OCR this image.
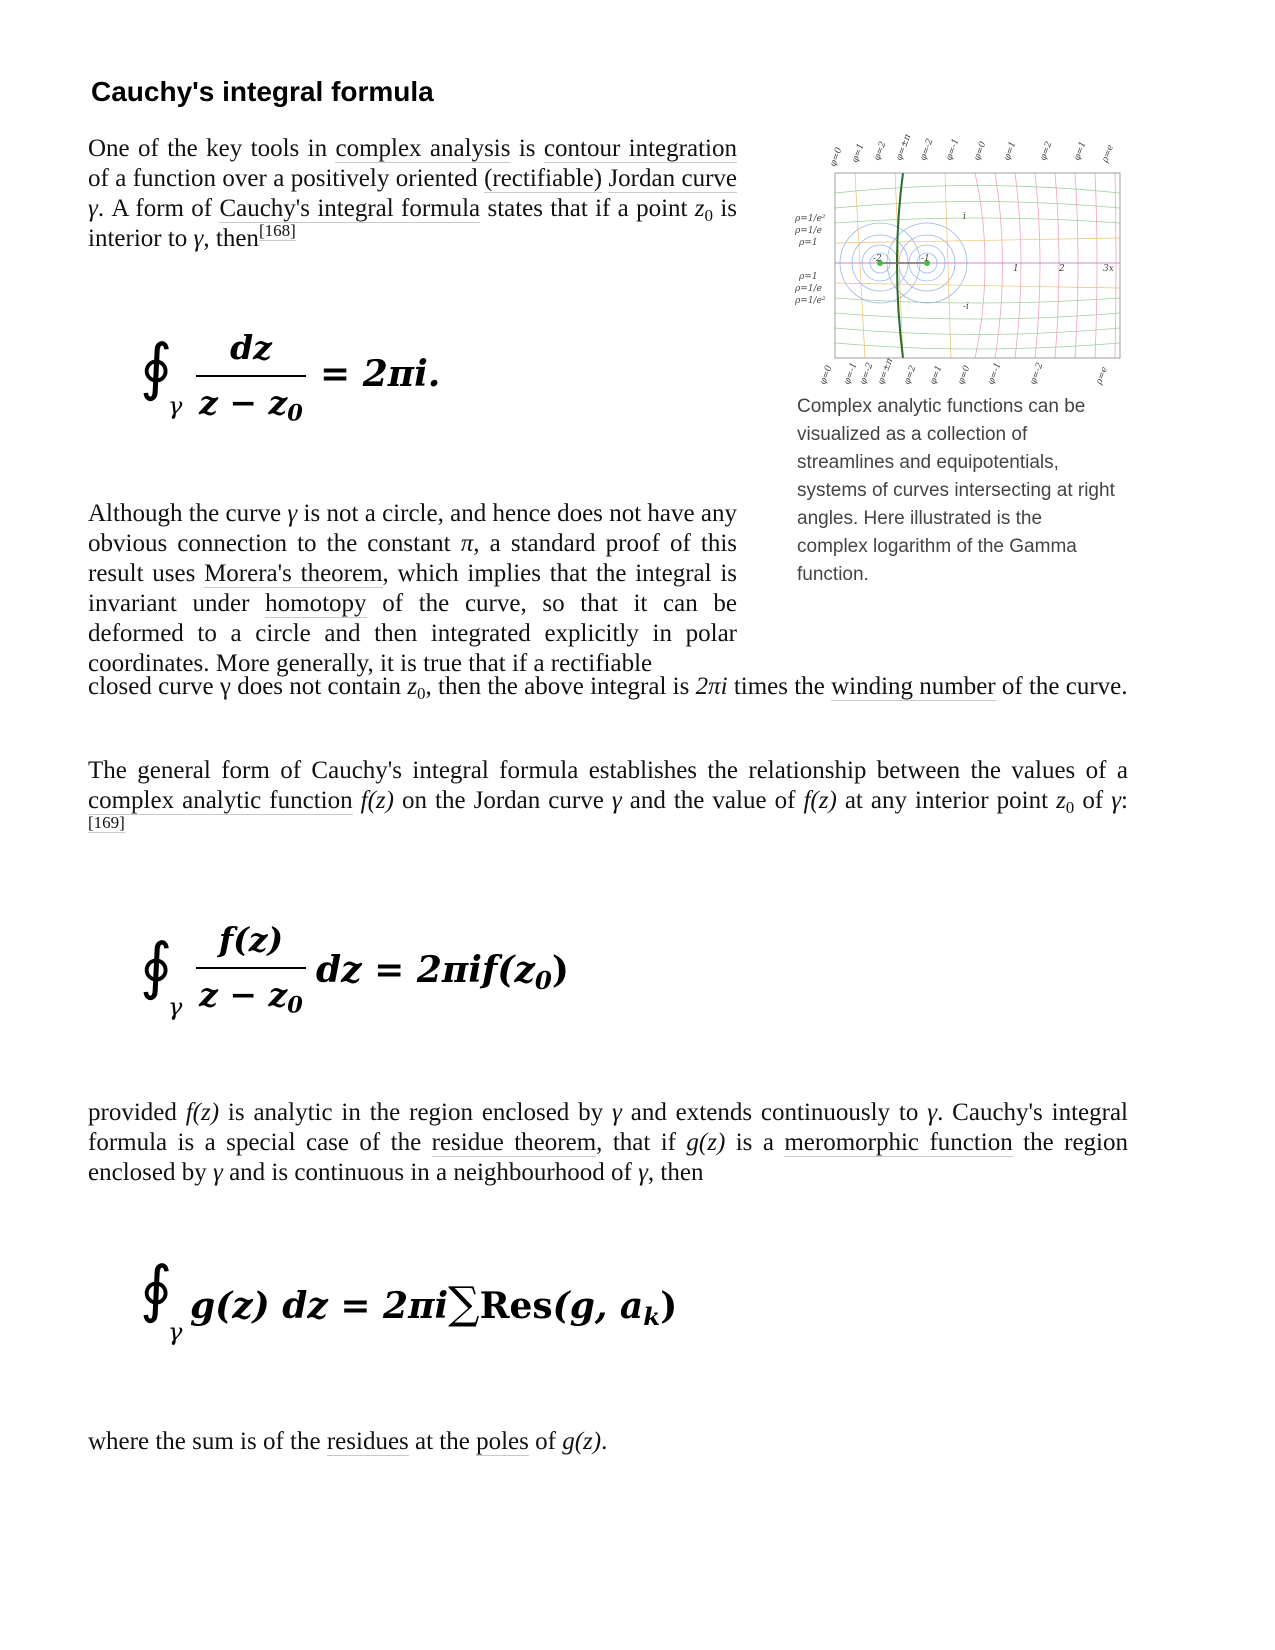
Cauchy's integral formula

One of the key tools in complex analysis is contour integration of a function over a positively oriented (rectifiable) Jordan curve γ. A form of Cauchy's integral formula states that if a point $z_0$ is interior to γ, then[168]

∮
γ
dz
$z - z_0$
= 2πi.
ρ=1/e²
ρ=1/e
ρ=1
ρ=1
ρ=1/e
ρ=1/e²
-2	-1
1	2	3x
i
-i
φ=0 φ=1 φ=2 φ=±π φ=-2 φ=-1 φ=0 φ=1 φ=2 φ=1 ρ=e
φ=0 φ=-1
φ=-2 φ=±π φ=2 φ=1 φ=0 φ=-1	φ=-2	ρ=e
Complex analytic functions can be visualized as a collection of streamlines and equipotentials, systems of curves intersecting at right angles. Here illustrated is the complex logarithm of the Gamma function.

Although the curve γ is not a circle, and hence does not have any obvious connection to the constant π, a standard proof of this result uses Morera's theorem, which implies that the integral is invariant under homotopy of the curve, so that it can be deformed to a circle and then integrated explicitly in polar coordinates. More generally, it is true that if a rectifiable

closed curve γ does not contain $z_0$, then the above integral is 2πi times the winding number of the curve.

The general form of Cauchy's integral formula establishes the relationship between the values of a complex analytic function f(z) on the Jordan curve γ and the value of f(z) at any interior point $z_0$ of γ:[169]

∮
γ
f(z)
$z - z_0$
dz = $2\pi if(z_0)$

provided f(z) is analytic in the region enclosed by γ and extends continuously to γ. Cauchy's integral formula is a special case of the residue theorem, that if g(z) is a meromorphic function the region enclosed by γ and is continuous in a neighbourhood of γ, then

∮
γ
g(z) dz = 2πi∑Res(g, $a_k$)

where the sum is of the residues at the poles of g(z).
